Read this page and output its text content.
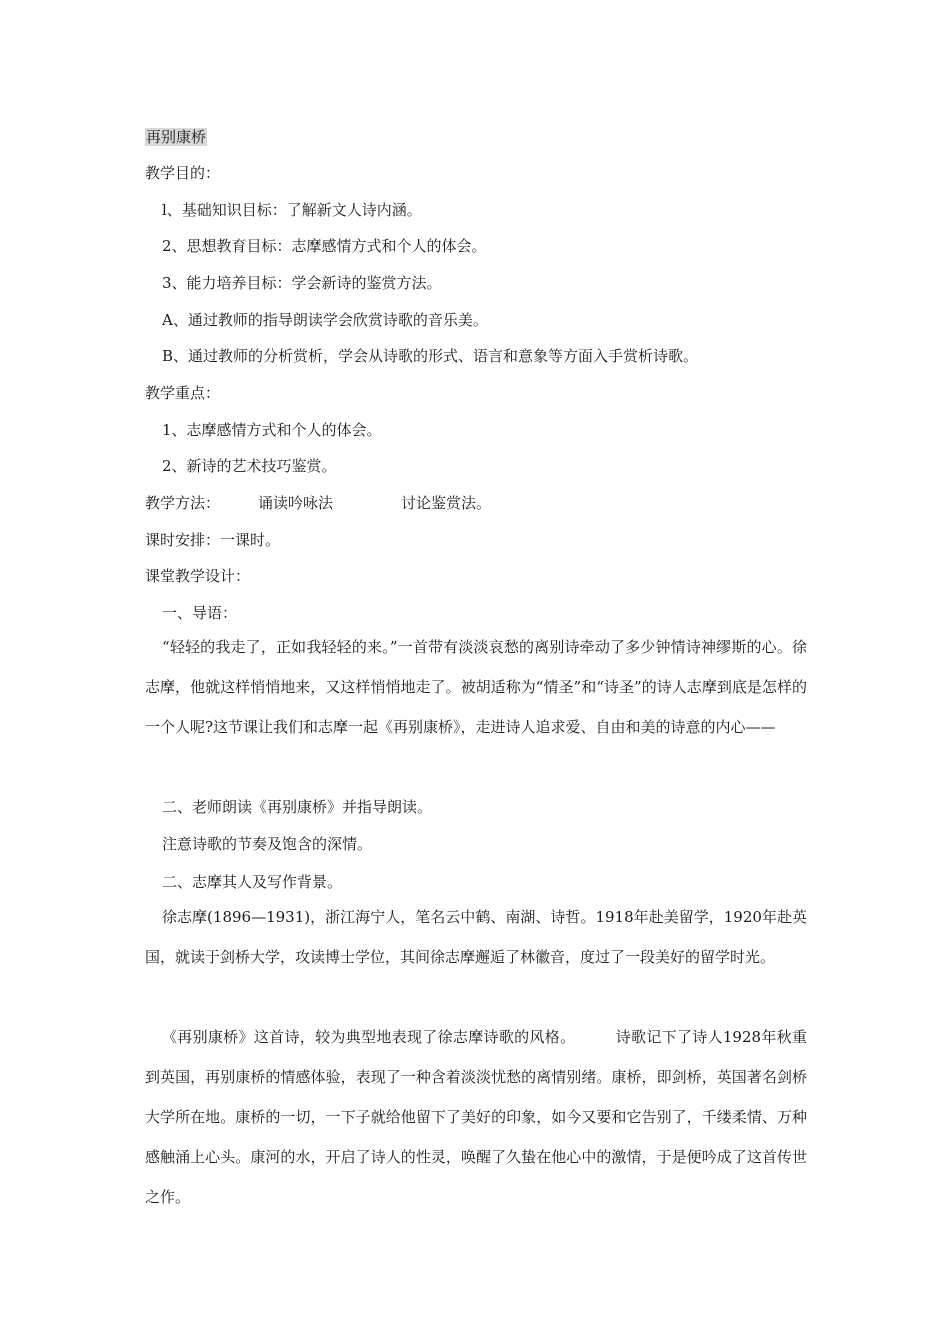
再别康桥
教学目的：
l、基础知识目标：了解新文人诗内涵。
2、思想教育目标：志摩感情方式和个人的体会。
3、能力培养目标：学会新诗的鉴赏方法。
A、通过教师的指导朗读学会欣赏诗歌的音乐美。
B、通过教师的分析赏析，学会从诗歌的形式、语言和意象等方面入手赏析诗歌。
教学重点：
1、志摩感情方式和个人的体会。
2、新诗的艺术技巧鉴赏。
教学方法：	诵读吟咏法	讨论鉴赏法。
课时安排：一课时。
课堂教学设计：
一、导语：
“轻轻的我走了，正如我轻轻的来。”一首带有淡淡哀愁的离别诗牵动了多少钟情诗神缪斯的心。徐志摩，他就这样悄悄地来，又这样悄悄地走了。被胡适称为“情圣”和“诗圣”的诗人志摩到底是怎样的一个人呢?这节课让我们和志摩一起《再别康桥》，走进诗人追求爱、自由和美的诗意的内心——
二、老师朗读《再别康桥》并指导朗读。
注意诗歌的节奏及饱含的深情。
二、志摩其人及写作背景。
徐志摩(1896—1931)，浙江海宁人，笔名云中鹤、南湖、诗哲。1918年赴美留学，1920年赴英国，就读于剑桥大学，攻读博士学位，其间徐志摩邂逅了林徽音，度过了一段美好的留学时光。
《再别康桥》这首诗，较为典型地表现了徐志摩诗歌的风格。	诗歌记下了诗人1928年秋重到英国，再别康桥的情感体验，表现了一种含着淡淡忧愁的离情别绪。康桥，即剑桥，英国著名剑桥大学所在地。康桥的一切，一下子就给他留下了美好的印象，如今又要和它告别了，千缕柔情、万种感触涌上心头。康河的水，开启了诗人的性灵，唤醒了久蛰在他心中的激情，于是便吟成了这首传世之作。
